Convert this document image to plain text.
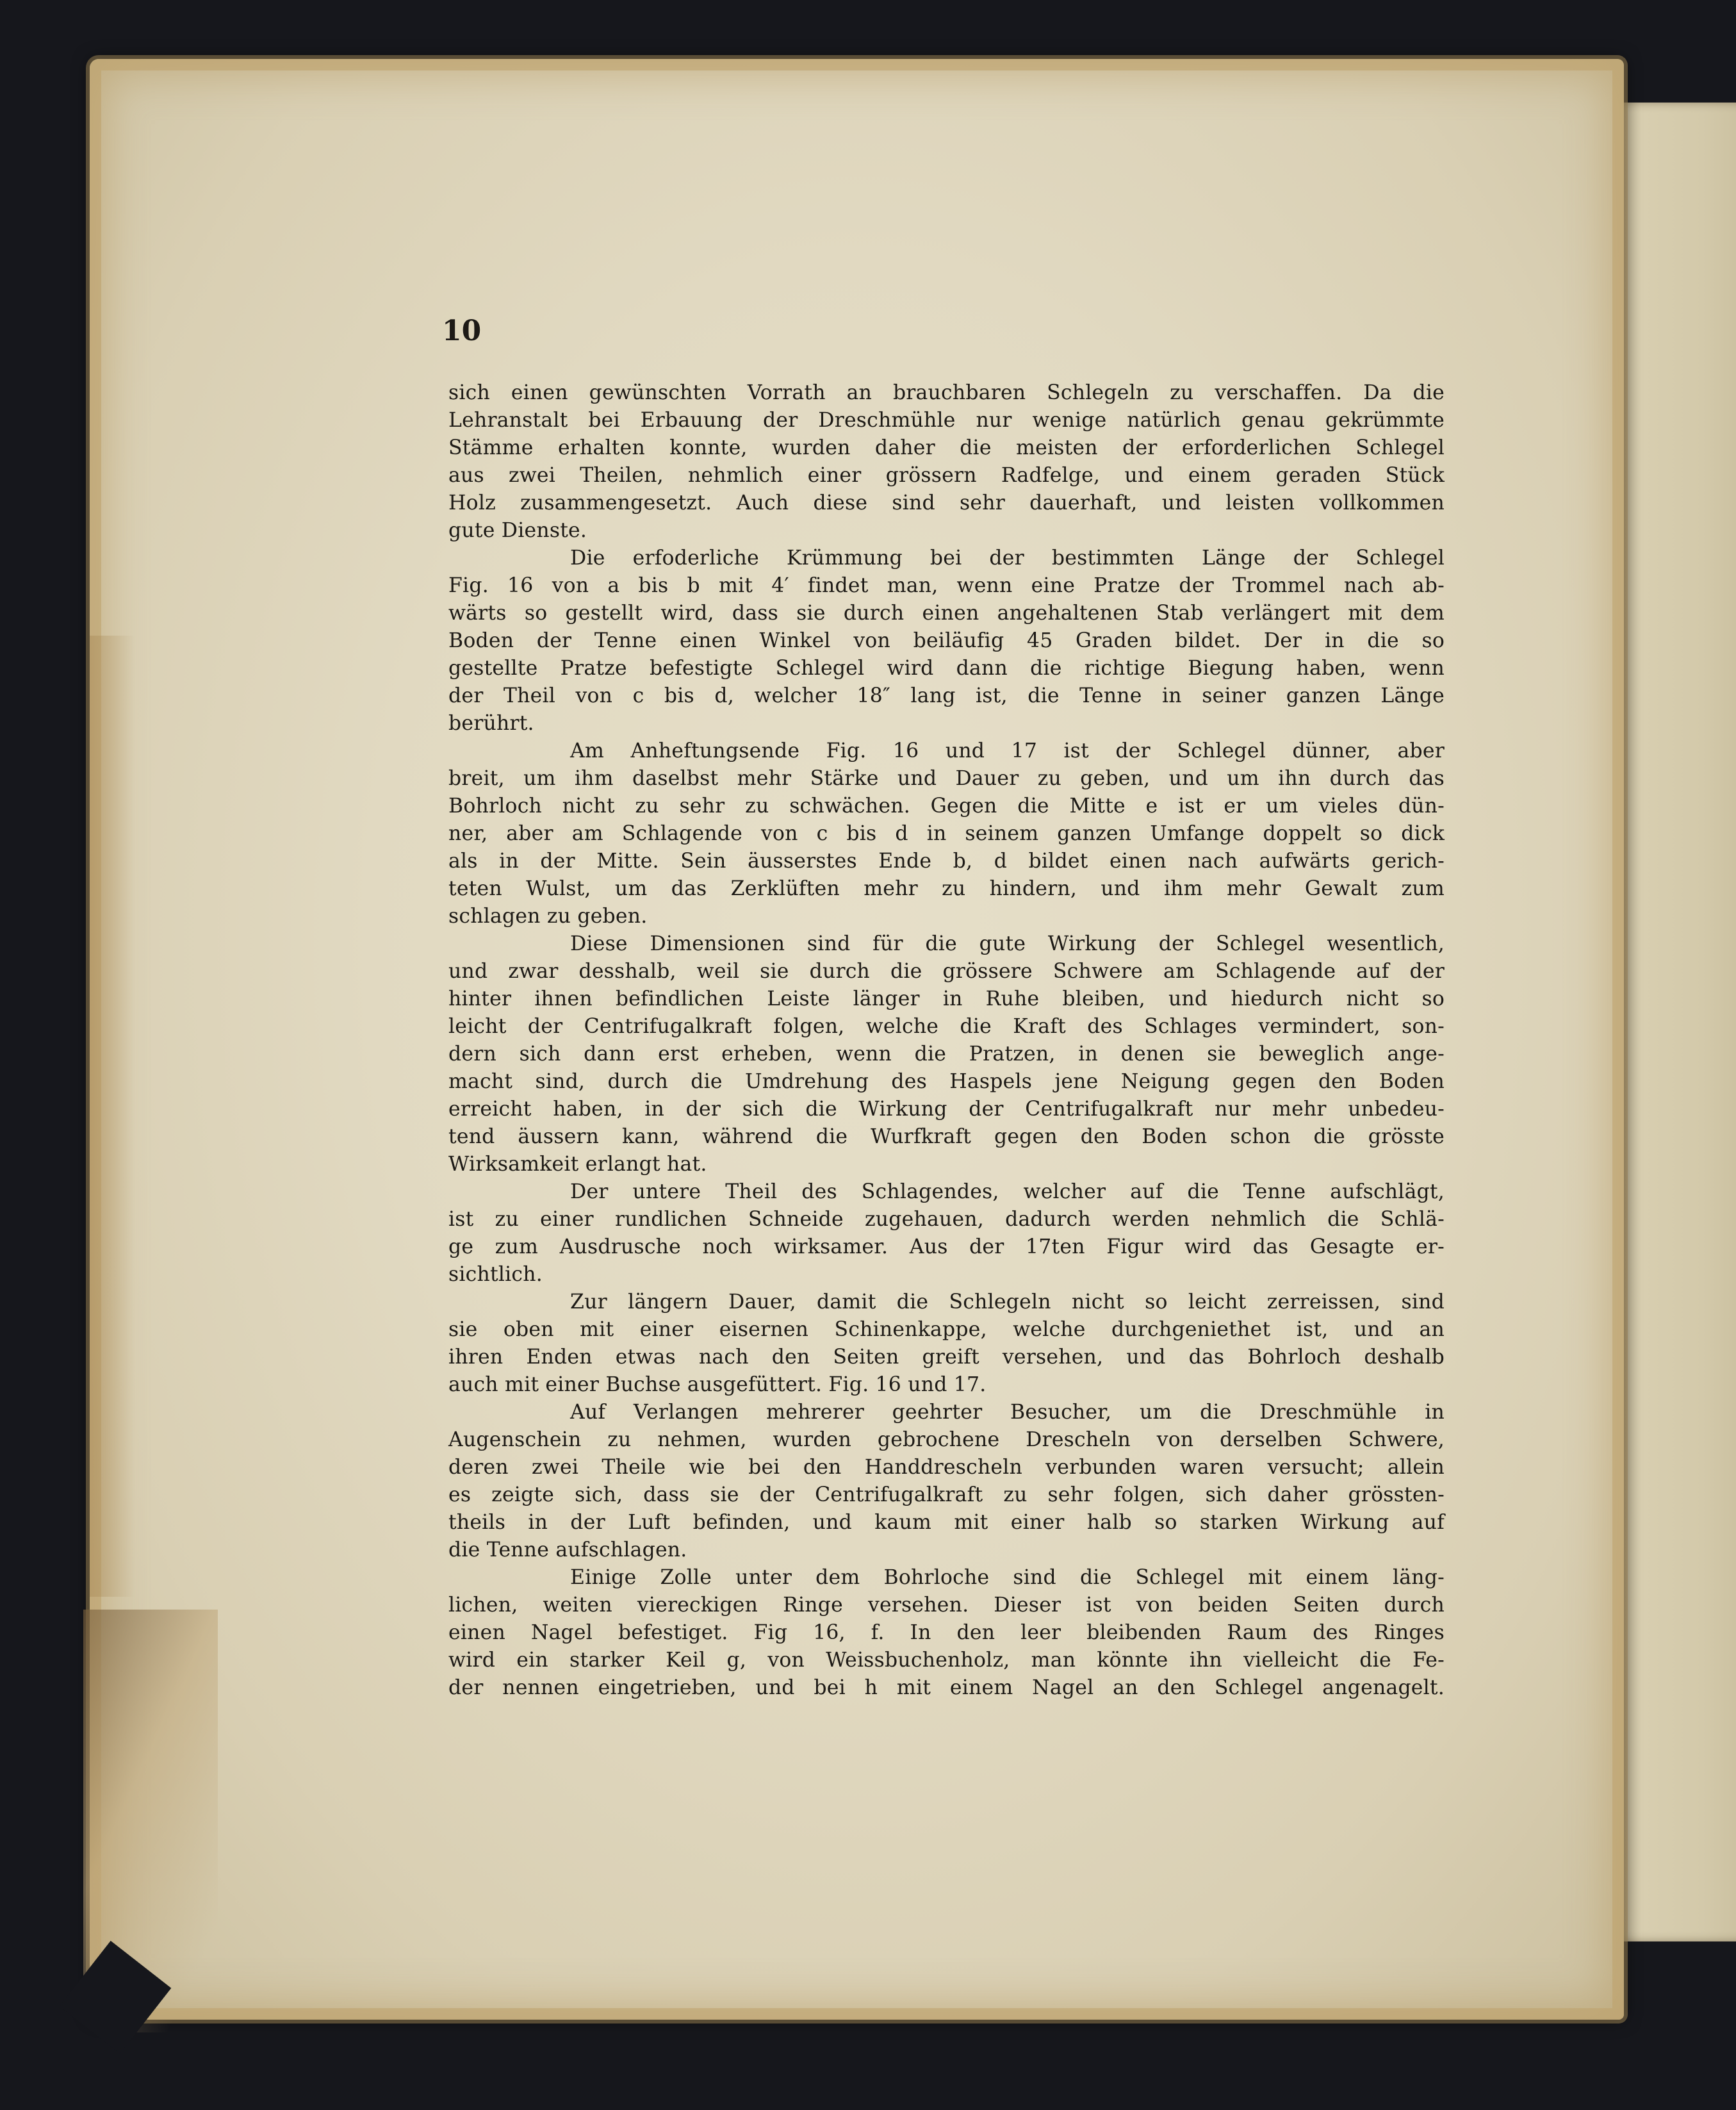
10
sich einen gewünschten Vorrath an brauchbaren Schlegeln zu verschaffen. Da die
Lehranstalt bei Erbauung der Dreschmühle nur wenige natürlich genau gekrümmte
Stämme erhalten konnte, wurden daher die meisten der erforderlichen Schlegel
aus zwei Theilen, nehmlich einer grössern Radfelge, und einem geraden Stück
Holz zusammengesetzt. Auch diese sind sehr dauerhaft, und leisten vollkommen
gute Dienste.
Die erfoderliche Krümmung bei der bestimmten Länge der Schlegel
Fig. 16 von a bis b mit 4′ findet man, wenn eine Pratze der Trommel nach ab-
wärts so gestellt wird, dass sie durch einen angehaltenen Stab verlängert mit dem
Boden der Tenne einen Winkel von beiläufig 45 Graden bildet. Der in die so
gestellte Pratze befestigte Schlegel wird dann die richtige Biegung haben, wenn
der Theil von c bis d, welcher 18″ lang ist, die Tenne in seiner ganzen Länge
berührt.
Am Anheftungsende Fig. 16 und 17 ist der Schlegel dünner, aber
breit, um ihm daselbst mehr Stärke und Dauer zu geben, und um ihn durch das
Bohrloch nicht zu sehr zu schwächen. Gegen die Mitte e ist er um vieles dün-
ner, aber am Schlagende von c bis d in seinem ganzen Umfange doppelt so dick
als in der Mitte. Sein äusserstes Ende b, d bildet einen nach aufwärts gerich-
teten Wulst, um das Zerklüften mehr zu hindern, und ihm mehr Gewalt zum
schlagen zu geben.
Diese Dimensionen sind für die gute Wirkung der Schlegel wesentlich,
und zwar desshalb, weil sie durch die grössere Schwere am Schlagende auf der
hinter ihnen befindlichen Leiste länger in Ruhe bleiben, und hiedurch nicht so
leicht der Centrifugalkraft folgen, welche die Kraft des Schlages vermindert, son-
dern sich dann erst erheben, wenn die Pratzen, in denen sie beweglich ange-
macht sind, durch die Umdrehung des Haspels jene Neigung gegen den Boden
erreicht haben, in der sich die Wirkung der Centrifugalkraft nur mehr unbedeu-
tend äussern kann, während die Wurfkraft gegen den Boden schon die grösste
Wirksamkeit erlangt hat.
Der untere Theil des Schlagendes, welcher auf die Tenne aufschlägt,
ist zu einer rundlichen Schneide zugehauen, dadurch werden nehmlich die Schlä-
ge zum Ausdrusche noch wirksamer. Aus der 17ten Figur wird das Gesagte er-
sichtlich.
Zur längern Dauer, damit die Schlegeln nicht so leicht zerreissen, sind
sie oben mit einer eisernen Schinenkappe, welche durchgeniethet ist, und an
ihren Enden etwas nach den Seiten greift versehen, und das Bohrloch deshalb
auch mit einer Buchse ausgefüttert. Fig. 16 und 17.
Auf Verlangen mehrerer geehrter Besucher, um die Dreschmühle in
Augenschein zu nehmen, wurden gebrochene Drescheln von derselben Schwere,
deren zwei Theile wie bei den Handdrescheln verbunden waren versucht; allein
es zeigte sich, dass sie der Centrifugalkraft zu sehr folgen, sich daher grössten-
theils in der Luft befinden, und kaum mit einer halb so starken Wirkung auf
die Tenne aufschlagen.
Einige Zolle unter dem Bohrloche sind die Schlegel mit einem läng-
lichen, weiten viereckigen Ringe versehen. Dieser ist von beiden Seiten durch
einen Nagel befestiget. Fig 16, f. In den leer bleibenden Raum des Ringes
wird ein starker Keil g, von Weissbuchenholz, man könnte ihn vielleicht die Fe-
der nennen eingetrieben, und bei h mit einem Nagel an den Schlegel angenagelt.
